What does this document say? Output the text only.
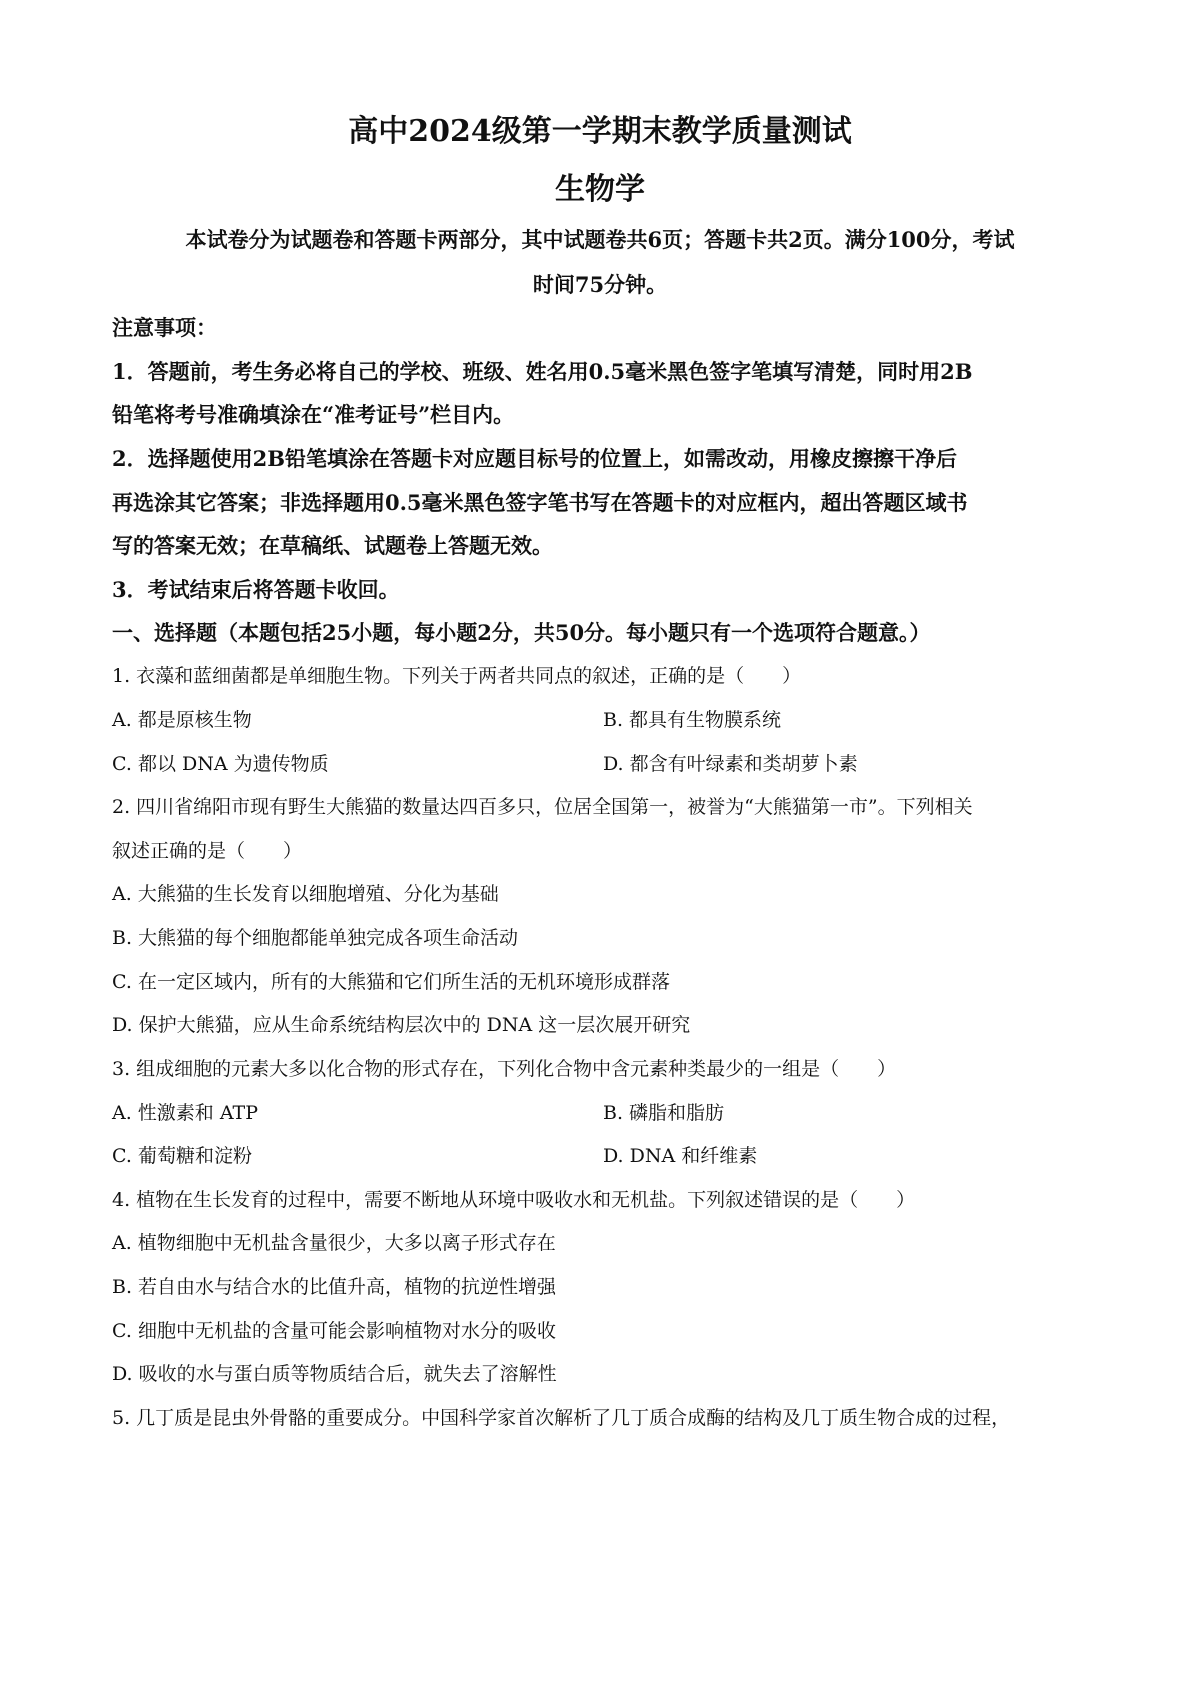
高中2024级第一学期末教学质量测试
生物学
本试卷分为试题卷和答题卡两部分，其中试题卷共6页；答题卡共2页。满分100分，考试
时间75分钟。
注意事项：
1．答题前，考生务必将自己的学校、班级、姓名用0.5毫米黑色签字笔填写清楚，同时用2B
铅笔将考号准确填涂在“准考证号”栏目内。
2．选择题使用2B铅笔填涂在答题卡对应题目标号的位置上，如需改动，用橡皮擦擦干净后
再选涂其它答案；非选择题用0.5毫米黑色签字笔书写在答题卡的对应框内，超出答题区域书
写的答案无效；在草稿纸、试题卷上答题无效。
3．考试结束后将答题卡收回。
一、选择题（本题包括25小题，每小题2分，共50分。每小题只有一个选项符合题意。）
1. 衣藻和蓝细菌都是单细胞生物。下列关于两者共同点的叙述，正确的是（　　）
A. 都是原核生物	B. 都具有生物膜系统
C. 都以 DNA 为遗传物质	D. 都含有叶绿素和类胡萝卜素
2. 四川省绵阳市现有野生大熊猫的数量达四百多只，位居全国第一，被誉为“大熊猫第一市”。下列相关
叙述正确的是（　　）
A. 大熊猫的生长发育以细胞增殖、分化为基础
B. 大熊猫的每个细胞都能单独完成各项生命活动
C. 在一定区域内，所有的大熊猫和它们所生活的无机环境形成群落
D. 保护大熊猫，应从生命系统结构层次中的 DNA 这一层次展开研究
3. 组成细胞的元素大多以化合物的形式存在，下列化合物中含元素种类最少的一组是（　　）
A. 性激素和 ATP	B. 磷脂和脂肪
C. 葡萄糖和淀粉	D. DNA 和纤维素
4. 植物在生长发育的过程中，需要不断地从环境中吸收水和无机盐。下列叙述错误的是（　　）
A. 植物细胞中无机盐含量很少，大多以离子形式存在
B. 若自由水与结合水的比值升高，植物的抗逆性增强
C. 细胞中无机盐的含量可能会影响植物对水分的吸收
D. 吸收的水与蛋白质等物质结合后，就失去了溶解性
5. 几丁质是昆虫外骨骼的重要成分。中国科学家首次解析了几丁质合成酶的结构及几丁质生物合成的过程，
